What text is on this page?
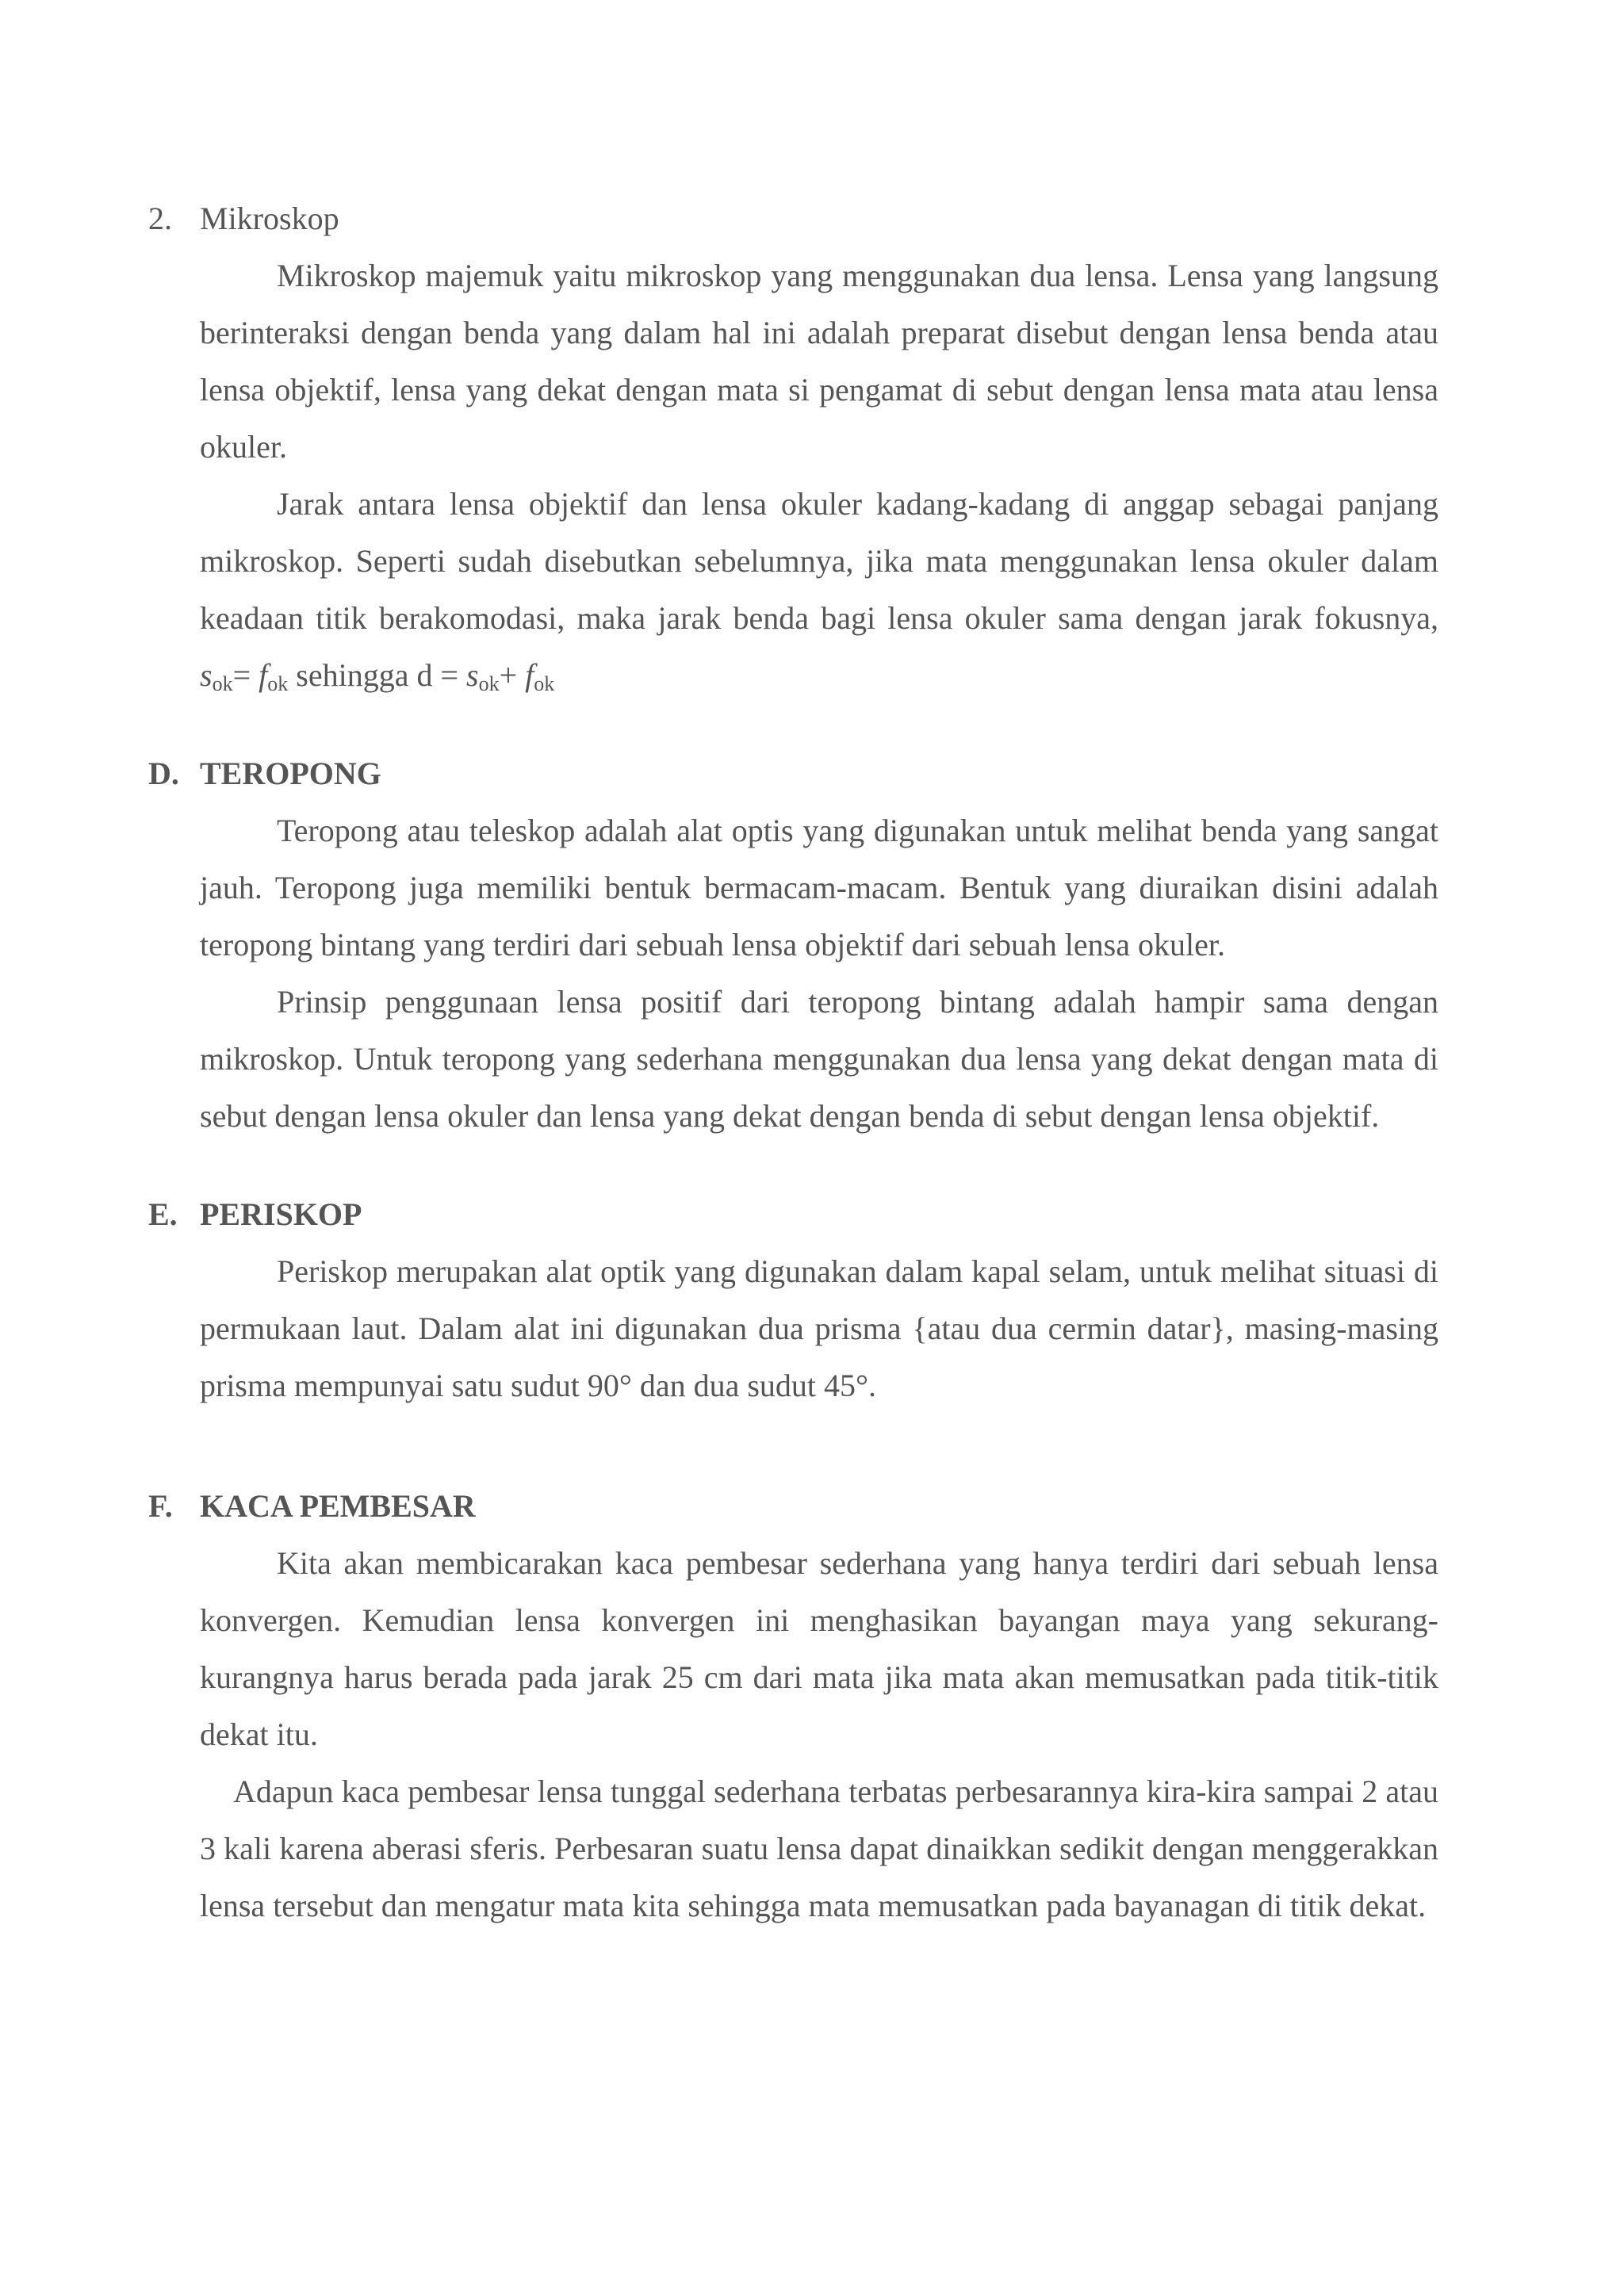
2. Mikroskop

Mikroskop majemuk yaitu mikroskop yang menggunakan dua lensa. Lensa yang langsung berinteraksi dengan benda yang dalam hal ini adalah preparat disebut dengan lensa benda atau lensa objektif, lensa yang dekat dengan mata si pengamat di sebut dengan lensa mata atau lensa okuler.

Jarak antara lensa objektif dan lensa okuler kadang-kadang di anggap sebagai panjang mikroskop. Seperti sudah disebutkan sebelumnya, jika mata menggunakan lensa okuler dalam keadaan titik berakomodasi, maka jarak benda bagi lensa okuler sama dengan jarak fokusnya, $s_{ok}= f_{ok}$ sehingga $d = s_{ok}+ f_{ok}$

D. TEROPONG

Teropong atau teleskop adalah alat optis yang digunakan untuk melihat benda yang sangat jauh. Teropong juga memiliki bentuk bermacam-macam. Bentuk yang diuraikan disini adalah teropong bintang yang terdiri dari sebuah lensa objektif dari sebuah lensa okuler.

Prinsip penggunaan lensa positif dari teropong bintang adalah hampir sama dengan mikroskop. Untuk teropong yang sederhana menggunakan dua lensa yang dekat dengan mata di sebut dengan lensa okuler dan lensa yang dekat dengan benda di sebut dengan lensa objektif.

E. PERISKOP

Periskop merupakan alat optik yang digunakan dalam kapal selam, untuk melihat situasi di permukaan laut. Dalam alat ini digunakan dua prisma {atau dua cermin datar}, masing-masing prisma mempunyai satu sudut 90° dan dua sudut 45°.

F. KACA PEMBESAR

Kita akan membicarakan kaca pembesar sederhana yang hanya terdiri dari sebuah lensa konvergen. Kemudian lensa konvergen ini menghasikan bayangan maya yang sekurang-kurangnya harus berada pada jarak 25 cm dari mata jika mata akan memusatkan pada titik-titik dekat itu.

Adapun kaca pembesar lensa tunggal sederhana terbatas perbesarannya kira-kira sampai 2 atau 3 kali karena aberasi sferis. Perbesaran suatu lensa dapat dinaikkan sedikit dengan menggerakkan lensa tersebut dan mengatur mata kita sehingga mata memusatkan pada bayanagan di titik dekat.
